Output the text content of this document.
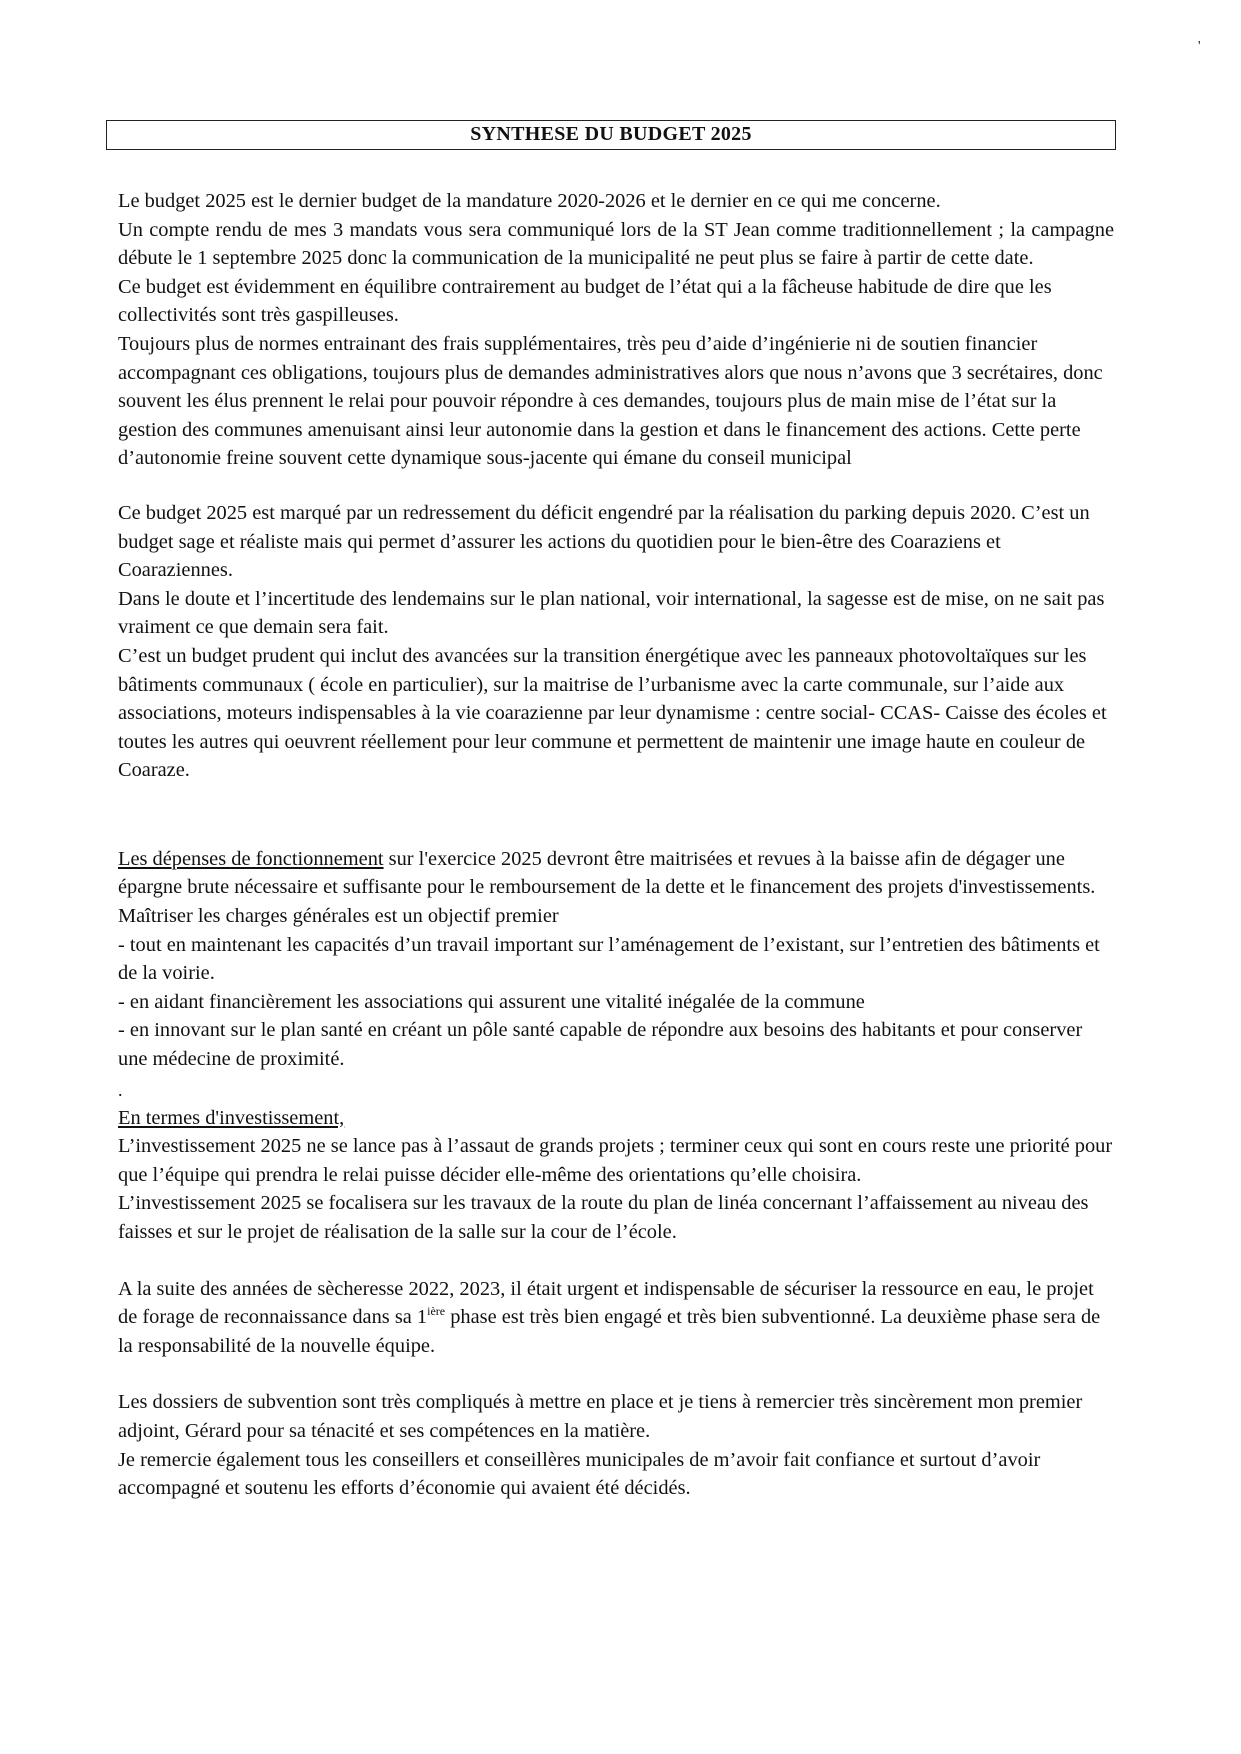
'
SYNTHESE DU BUDGET 2025

Le budget 2025 est le dernier budget de la mandature 2020-2026 et le dernier en ce qui me concerne.

Un compte rendu de mes 3 mandats vous sera communiqué lors de la ST Jean comme traditionnellement ; la campagne débute le 1 septembre 2025 donc la communication de la municipalité ne peut plus se faire à partir de cette date.

Ce budget est évidemment en équilibre contrairement au budget de l’état qui a la fâcheuse habitude de dire que les collectivités sont très gaspilleuses.

Toujours plus de normes entrainant des frais supplémentaires, très peu d’aide d’ingénierie ni de soutien financier accompagnant ces obligations, toujours plus de demandes administratives alors que nous n’avons que 3 secrétaires, donc souvent les élus prennent le relai pour pouvoir répondre à ces demandes, toujours plus de main mise de l’état sur la gestion des communes amenuisant ainsi leur autonomie dans la gestion et dans le financement des actions. Cette perte d’autonomie freine souvent cette dynamique sous-jacente qui émane du conseil municipal

Ce budget 2025 est marqué par un redressement du déficit engendré par la réalisation du parking depuis 2020. C’est un budget sage et réaliste mais qui permet d’assurer les actions du quotidien pour le bien-être des Coaraziens et Coaraziennes.

Dans le doute et l’incertitude des lendemains sur le plan national, voir international, la sagesse est de mise, on ne sait pas vraiment ce que demain sera fait.

C’est un budget prudent qui inclut des avancées sur la transition énergétique avec les panneaux photovoltaïques sur les bâtiments communaux ( école en particulier), sur la maitrise de l’urbanisme avec la carte communale, sur l’aide aux associations, moteurs indispensables à la vie coarazienne par leur dynamisme : centre social- CCAS- Caisse des écoles et toutes les autres qui oeuvrent réellement pour leur commune et permettent de maintenir une image haute en couleur de Coaraze.

Les dépenses de fonctionnement sur l'exercice 2025 devront être maitrisées et revues à la baisse afin de dégager une épargne brute nécessaire et suffisante pour le remboursement de la dette et le financement des projets d'investissements.

Maîtriser les charges générales est un objectif premier

- tout en maintenant les capacités d’un travail important sur l’aménagement de l’existant, sur l’entretien des bâtiments et de la voirie.

- en aidant financièrement les associations qui assurent une vitalité inégalée de la commune

- en innovant sur le plan santé en créant un pôle santé capable de répondre aux besoins des habitants et pour conserver une médecine de proximité.

.

En termes d'investissement,

L’investissement 2025 ne se lance pas à l’assaut de grands projets ; terminer ceux qui sont en cours reste une priorité pour que l’équipe qui prendra le relai puisse décider elle-même des orientations qu’elle choisira.

L’investissement 2025 se focalisera sur les travaux de la route du plan de linéa concernant l’affaissement au niveau des faisses et sur le projet de réalisation de la salle sur la cour de l’école.

A la suite des années de sècheresse 2022, 2023, il était urgent et indispensable de sécuriser la ressource en eau, le projet de forage de reconnaissance dans sa $1^{ière}$ phase est très bien engagé et très bien subventionné. La deuxième phase sera de la responsabilité de la nouvelle équipe.

Les dossiers de subvention sont très compliqués à mettre en place et je tiens à remercier très sincèrement mon premier adjoint, Gérard pour sa ténacité et ses compétences en la matière.

Je remercie également tous les conseillers et conseillères municipales de m’avoir fait confiance et surtout d’avoir accompagné et soutenu les efforts d’économie qui avaient été décidés.
